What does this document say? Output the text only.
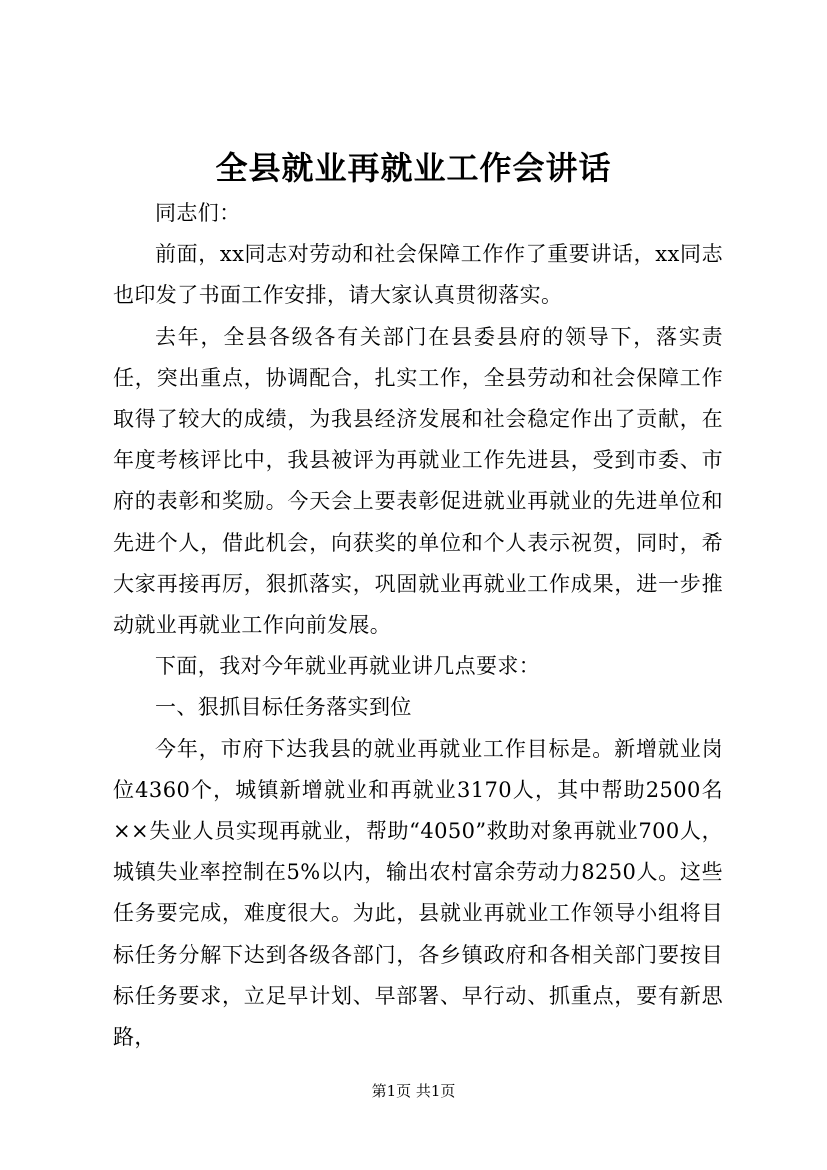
全县就业再就业工作会讲话

同志们：

前面，xx同志对劳动和社会保障工作作了重要讲话，xx同志也印发了书面工作安排，请大家认真贯彻落实。

去年，全县各级各有关部门在县委县府的领导下，落实责任，突出重点，协调配合，扎实工作，全县劳动和社会保障工作取得了较大的成绩，为我县经济发展和社会稳定作出了贡献，在年度考核评比中，我县被评为再就业工作先进县，受到市委、市府的表彰和奖励。今天会上要表彰促进就业再就业的先进单位和先进个人，借此机会，向获奖的单位和个人表示祝贺，同时，希大家再接再厉，狠抓落实，巩固就业再就业工作成果，进一步推动就业再就业工作向前发展。

下面，我对今年就业再就业讲几点要求：

一、狠抓目标任务落实到位

今年，市府下达我县的就业再就业工作目标是。新增就业岗位4360个，城镇新增就业和再就业3170人，其中帮助2500名××失业人员实现再就业，帮助“4050”救助对象再就业700人，城镇失业率控制在5%以内，输出农村富余劳动力8250人。这些任务要完成，难度很大。为此，县就业再就业工作领导小组将目标任务分解下达到各级各部门，各乡镇政府和各相关部门要按目标任务要求，立足早计划、早部署、早行动、抓重点，要有新思路，

第1页 共1页
